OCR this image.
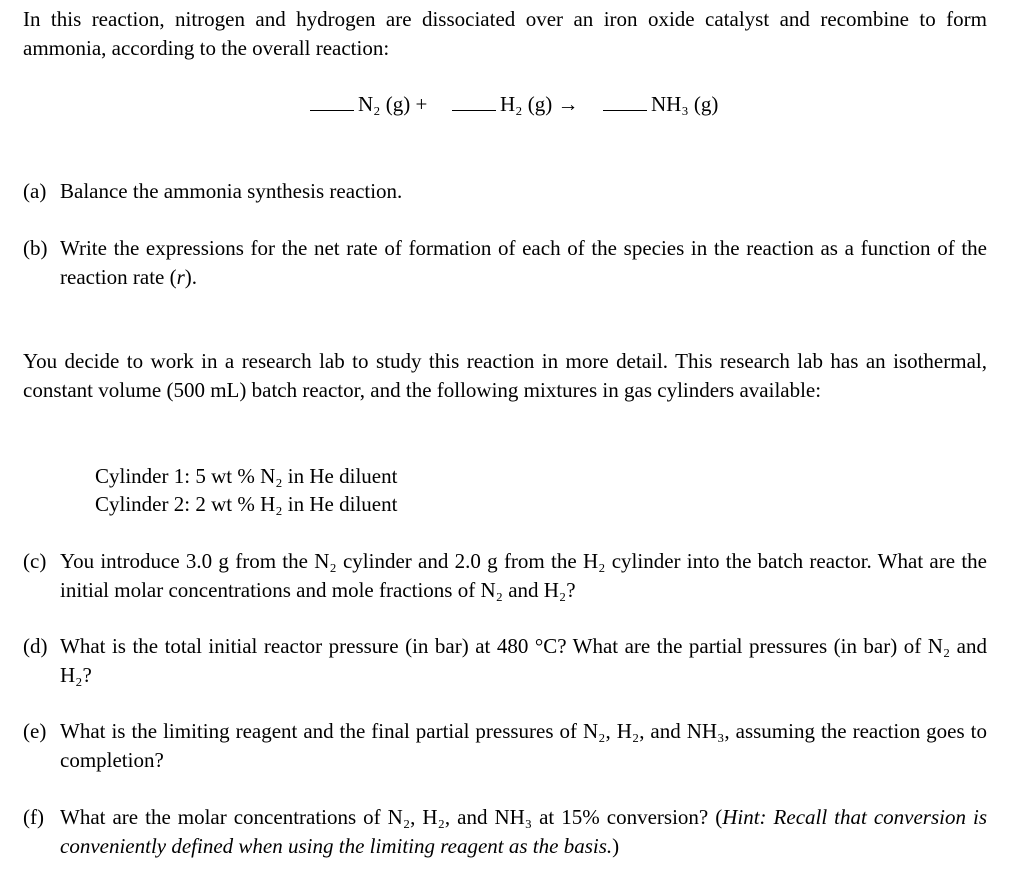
In this reaction, nitrogen and hydrogen are dissociated over an iron oxide catalyst and recombine to form ammonia, according to the overall reaction:
N₂ (g) +	H₂ (g) →	NH₃ (g)
(a) Balance the ammonia synthesis reaction.
(b) Write the expressions for the net rate of formation of each of the species in the reaction as a function of the reaction rate (r).
You decide to work in a research lab to study this reaction in more detail. This research lab has an isothermal, constant volume (500 mL) batch reactor, and the following mixtures in gas cylinders available:
Cylinder 1: 5 wt % N₂ in He diluent
Cylinder 2: 2 wt % H₂ in He diluent
(c) You introduce 3.0 g from the N₂ cylinder and 2.0 g from the H₂ cylinder into the batch reactor. What are the initial molar concentrations and mole fractions of N₂ and H₂?
(d) What is the total initial reactor pressure (in bar) at 480 °C? What are the partial pressures (in bar) of N₂ and H₂?
(e) What is the limiting reagent and the final partial pressures of N₂, H₂, and NH₃, assuming the reaction goes to completion?
(f) What are the molar concentrations of N₂, H₂, and NH₃ at 15% conversion? (Hint: Recall that conversion is conveniently defined when using the limiting reagent as the basis.)
